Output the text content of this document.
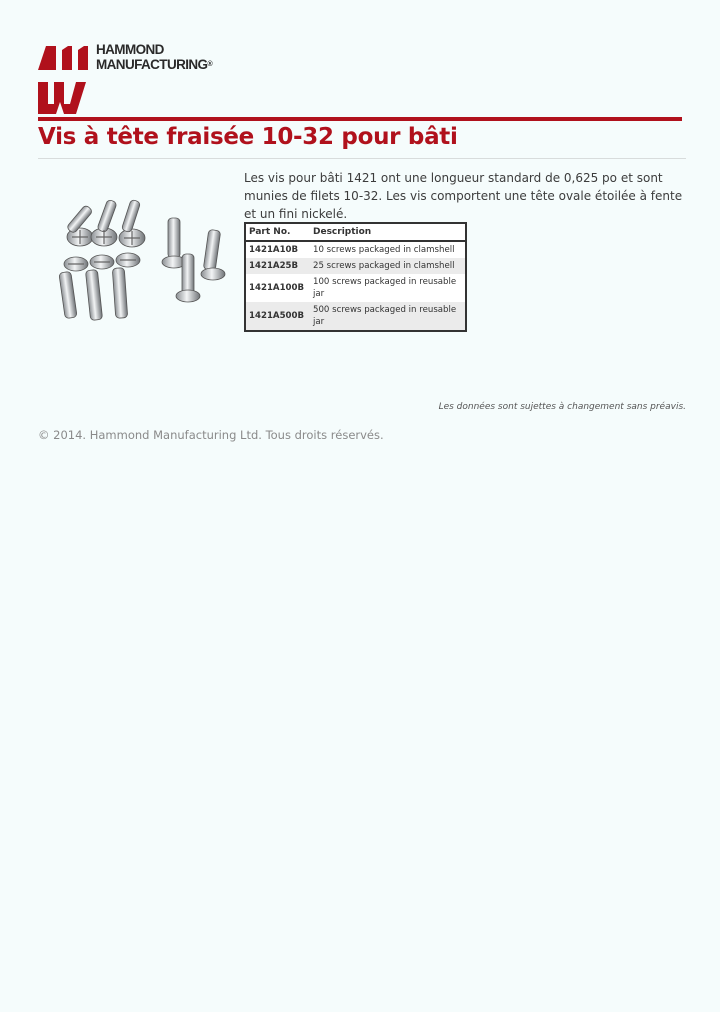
HAMMOND
MANUFACTURING®
Vis à tête fraisée 10-32 pour bâti
Les vis pour bâti 1421 ont une longueur standard de 0,625 po et sont munies de filets 10-32. Les vis comportent une tête ovale étoilée à fente et un fini nickelé.
Part No.	Description
1421A10B	10 screws packaged in clamshell
1421A25B	25 screws packaged in clamshell
1421A100B	100 screws packaged in reusable jar
1421A500B	500 screws packaged in reusable jar
Les données sont sujettes à changement sans préavis.
© 2014. Hammond Manufacturing Ltd. Tous droits réservés.
